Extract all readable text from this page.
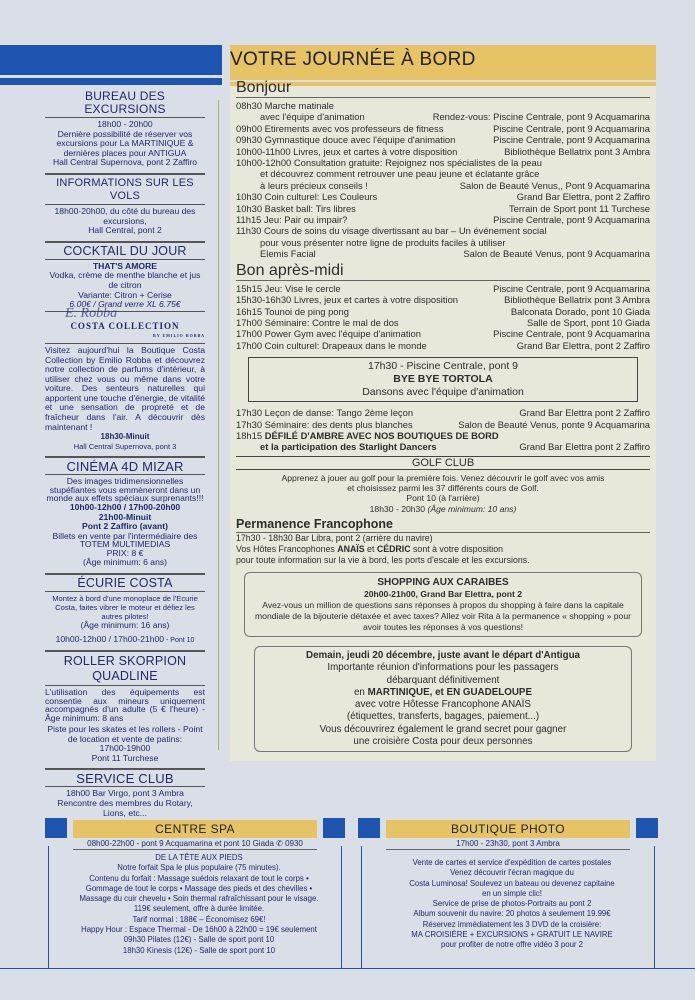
BUREAU DES EXCURSIONS
18h00 - 20h00
Dernière possibilité de réserver vos excursions pour La MARTINIQUE & dernières places pour ANTIGUA
Hall Central Supernova, pont 2 Zaffiro
INFORMATIONS SUR LES VOLS
18h00-20h00, du côté du bureau des excursions,
Hall Central, pont 2
COCKTAIL DU JOUR
THAT'S AMORE
Vodka, crème de menthe blanche et jus de citron
Variante: Citron + Cerise
6.00€ / Grand verre XL 6.75€
E. Robba
COSTA COLLECTION
BY EMILIO ROBBA
Visitez aujourd'hui la Boutique Costa Collection by Emilio Robba et découvrez notre collection de parfums d'intérieur, à utiliser chez vous ou même dans votre voiture. Des senteurs naturelles qui apportent une touche d'énergie, de vitalité et une sensation de propreté et de fraîcheur dans l'air. A découvrir dès maintenant !
18h30-Minuit
Hall Central Supernova, pont 3
CINÉMA 4D MIZAR
Des images tridimensionnelles stupéfiantes vous emmèneront dans un monde aux effets spéciaux surprenants!!!
10h00-12h00 / 17h00-20h00
21h00-Minuit
Pont 2 Zaffiro (avant)
Billets en vente par l'intermédiaire des TOTEM MULTIMEDIAS
PRIX: 8 €
(Âge minimum: 6 ans)
ÉCURIE COSTA
Montez à bord d'une monoplace de l'Ecurie Costa, faites vibrer le moteur et défiez les autres pilotes!
(Âge minimum: 16 ans)
10h00-12h00 / 17h00-21h00 - Pont 10
ROLLER SKORPION QUADLINE
L'utilisation des équipements est consentie aux mineurs uniquement accompagnés d'un adulte (5 € l'heure) - Âge minimum: 8 ans
Piste pour les skates et les rollers - Point de location et vente de patins:
17h00-19h00
Pont 11 Turchese
SERVICE CLUB
18h00 Bar Virgo, pont 3 Ambra
Rencontre des membres du Rotary, Lions, etc...
VOTRE JOURNÉE À BORD
Bonjour
08h30 Marche matinale
avec l'équipe d'animation	Rendez-vous: Piscine Centrale, pont 9 Acquamarina
09h00 Etirements avec vos professeurs de fitness	Piscine Centrale, pont 9 Acquamarina
09h30 Gymnastique douce avec l'équipe d'animation	Piscine Centrale, pont 9 Acquamarina
10h00-11h00 Livres, jeux et cartes à votre disposition	Bibliothèque Bellatrix pont 3 Ambra
10h00-12h00 Consultation gratuite: Rejoignez nos spécialistes de la peau
et découvrez comment retrouver une peau jeune et éclatante grâce
à leurs précieux conseils !	Salon de Beauté Venus,, Pont 9 Acquamarina
10h30 Coin culturel: Les Couleurs	Grand Bar Elettra, pont 2 Zaffiro
10h30 Basket ball: Tirs libres	Terrain de Sport pont 11 Turchese
11h15 Jeu: Pair ou impair?	Piscine Centrale, pont 9 Acquamarina
11h30 Cours de soins du visage divertissant au bar – Un événement social
pour vous présenter notre ligne de produits faciles à utiliser
Elemis Facial	Salon de Beauté Venus, pont 9 Acquamarina
Bon après-midi
15h15 Jeu: Vise le cercle	Piscine Centrale, pont 9 Acquamarina
15h30-16h30 Livres, jeux et cartes à votre disposition	Bibliothèque Bellatrix pont 3 Ambra
16h15 Tounoi de ping pong	Balconata Dorado, pont 10 Giada
17h00 Séminaire: Contre le mal de dos	Salle de Sport, pont 10 Giada
17h00 Power Gym avec l'équipe d'animation	Piscine Centrale, pont 9 Acquamarina
17h00 Coin culturel: Drapeaux dans le monde	Grand Bar Elettra, pont 2 Zaffiro
17h30 - Piscine Centrale, pont 9
BYE BYE TORTOLA
Dansons avec l'équipe d'animation
17h30 Leçon de danse: Tango 2ème leçon	Grand Bar Elettra pont 2 Zaffiro
17h30 Séminaire: des dents plus blanches	Salon de Beauté Venus, ponte 9 Acquamarina
18h15 DÉFILÉ D'AMBRE AVEC NOS BOUTIQUES DE BORD
et la participation des Starlight Dancers	Grand Bar Elettra pont 2 Zaffiro
GOLF CLUB
Apprenez à jouer au golf pour la première fois. Venez découvrir le golf avec vos amis
et choisissez parmi les 37 différents cours de Golf.
Pont 10 (à l'arrière)
18h30 - 20h30 (Âge minimum: 10 ans)
Permanence Francophone
17h30 - 18h30 Bar Libra, pont 2 (arrière du navire)
Vos Hôtes Francophones ANAÏS et CÉDRIC sont à votre disposition
pour toute information sur la vie à bord, les ports d'escale et les excursions.
SHOPPING AUX CARAIBES
20h00-21h00, Grand Bar Elettra, pont 2
Avez-vous un million de questions sans réponses à propos du shopping à faire dans la capitale mondiale de la bijouterie détaxée et avec taxes? Allez voir Rita à la permanence « shopping » pour avoir toutes les réponses à vos questions!
Demain, jeudi 20 décembre, juste avant le départ d'Antigua
Importante réunion d'informations pour les passagers
débarquant définitivement
en MARTINIQUE, et EN GUADELOUPE
avec votre Hôtesse Francophone ANAÏS
(étiquettes, transferts, bagages, paiement...)
Vous découvrirez également le grand secret pour gagner
une croisière Costa pour deux personnes
CENTRE SPA
08h00-22h00 - pont 9 Acquamarina et pont 10 Giada ✆ 0930
DE LA TÊTE AUX PIEDS
Notre forfait Spa le plus populaire (75 minutes).
Contenu du forfait : Massage suédois relaxant de tout le corps •
Gommage de tout le corps • Massage des pieds et des chevilles •
Massage du cuir chevelu • Soin thermal rafraîchissant pour le visage.
119€ seulement, offre à durée limitée.
Tarif normal : 188€ – Économisez 69€!
Happy Hour : Espace Thermal - De 16h00 à 22h00 = 19€ seulement
09h30 Pilates (12€) - Salle de sport pont 10
18h30 Kinesis (12€) - Salle de sport pont 10
BOUTIQUE PHOTO
17h00 - 23h30, pont 3 Ambra
Vente de cartes et service d'expédition de cartes postales
Venez découvrir l'écran magique du
Costa Luminosa! Soulevez un bateau ou devenez capitaine
en un simple clic!
Service de prise de photos-Portraits au pont 2
Album souvenir du navire: 20 photos à seulement 19.99€
Réservez immédiatement les 3 DVD de la croisière:
MA CROISIÈRE + EXCURSIONS + GRATUIT LE NAVIRE
pour profiter de notre offre vidéo 3 pour 2
